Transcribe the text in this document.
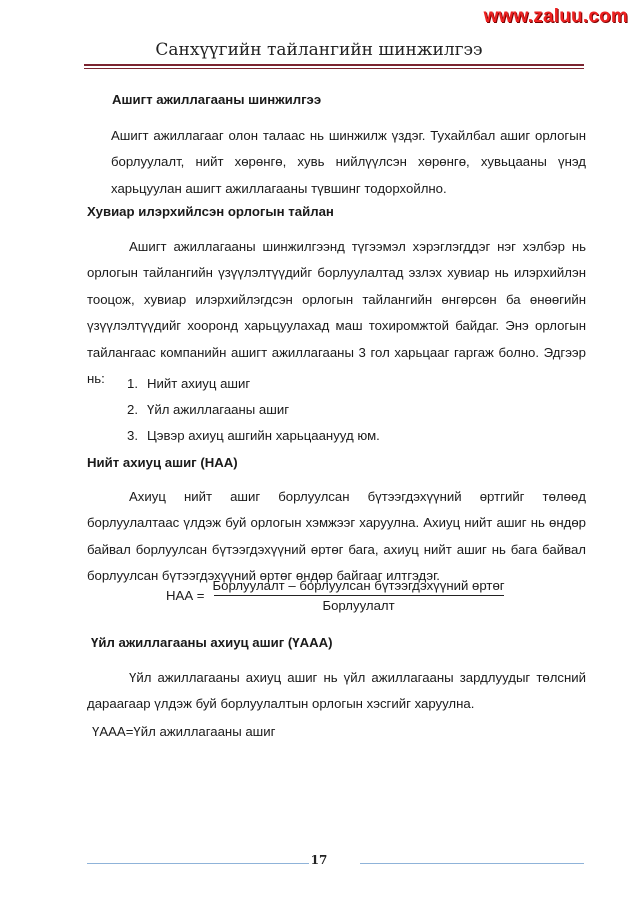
www.zaluu.com
Санхүүгийн тайлангийн шинжилгээ
Ашигт ажиллагааны шинжилгээ
Ашигт ажиллагааг олон талаас нь шинжилж үздэг. Тухайлбал ашиг орлогын
борлуулалт, нийт хөрөнгө, хувь нийлүүлсэн хөрөнгө, хувьцааны үнэд
харьцуулан ашигт ажиллагааны түвшинг тодорхойлно.
Хувиар илэрхийлсэн орлогын тайлан
Ашигт ажиллагааны шинжилгээнд түгээмэл хэрэглэгддэг нэг хэлбэр нь
орлогын тайлангийн үзүүлэлтүүдийг борлуулалтад эзлэх хувиар нь илэрхийлэн
тооцож, хувиар илэрхийлэгдсэн орлогын тайлангийн өнгөрсөн ба өнөөгийн
үзүүлэлтүүдийг хооронд харьцуулахад маш тохиромжтой байдаг. Энэ орлогын
тайлангаас компанийн ашигт ажиллагааны 3 гол харьцааг гаргаж болно. Эдгээр
нь:	1. Нийт ахиуц ашиг
2. Үйл ажиллагааны ашиг
3. Цэвэр ахиуц ашгийн харьцаанууд юм.
Нийт ахиуц ашиг (НАА)
Ахиуц нийт ашиг борлуулсан бүтээгдэхүүний өртгийг төлөөд
борлуулалтаас үлдэж буй орлогын хэмжээг харуулна. Ахиуц нийт ашиг нь өндөр
байвал борлуулсан бүтээгдэхүүний өртөг бага, ахиуц нийт ашиг нь бага байвал
борлуулсан бүтээгдэхүүний өртөг өндөр байгааг илтгэдэг.
НАА = $\frac{\text{Борлуулалт – борлуулсан бүтээгдэхүүний өртөг}}{\text{Борлуулалт}}$
Үйл ажиллагааны ахиуц ашиг (ҮААА)
Үйл ажиллагааны ахиуц ашиг нь үйл ажиллагааны зардлуудыг төлсний
дараагаар үлдэж буй борлуулалтын орлогын хэсгийг харуулна.
ҮААА=Үйл ажиллагааны ашиг
17
